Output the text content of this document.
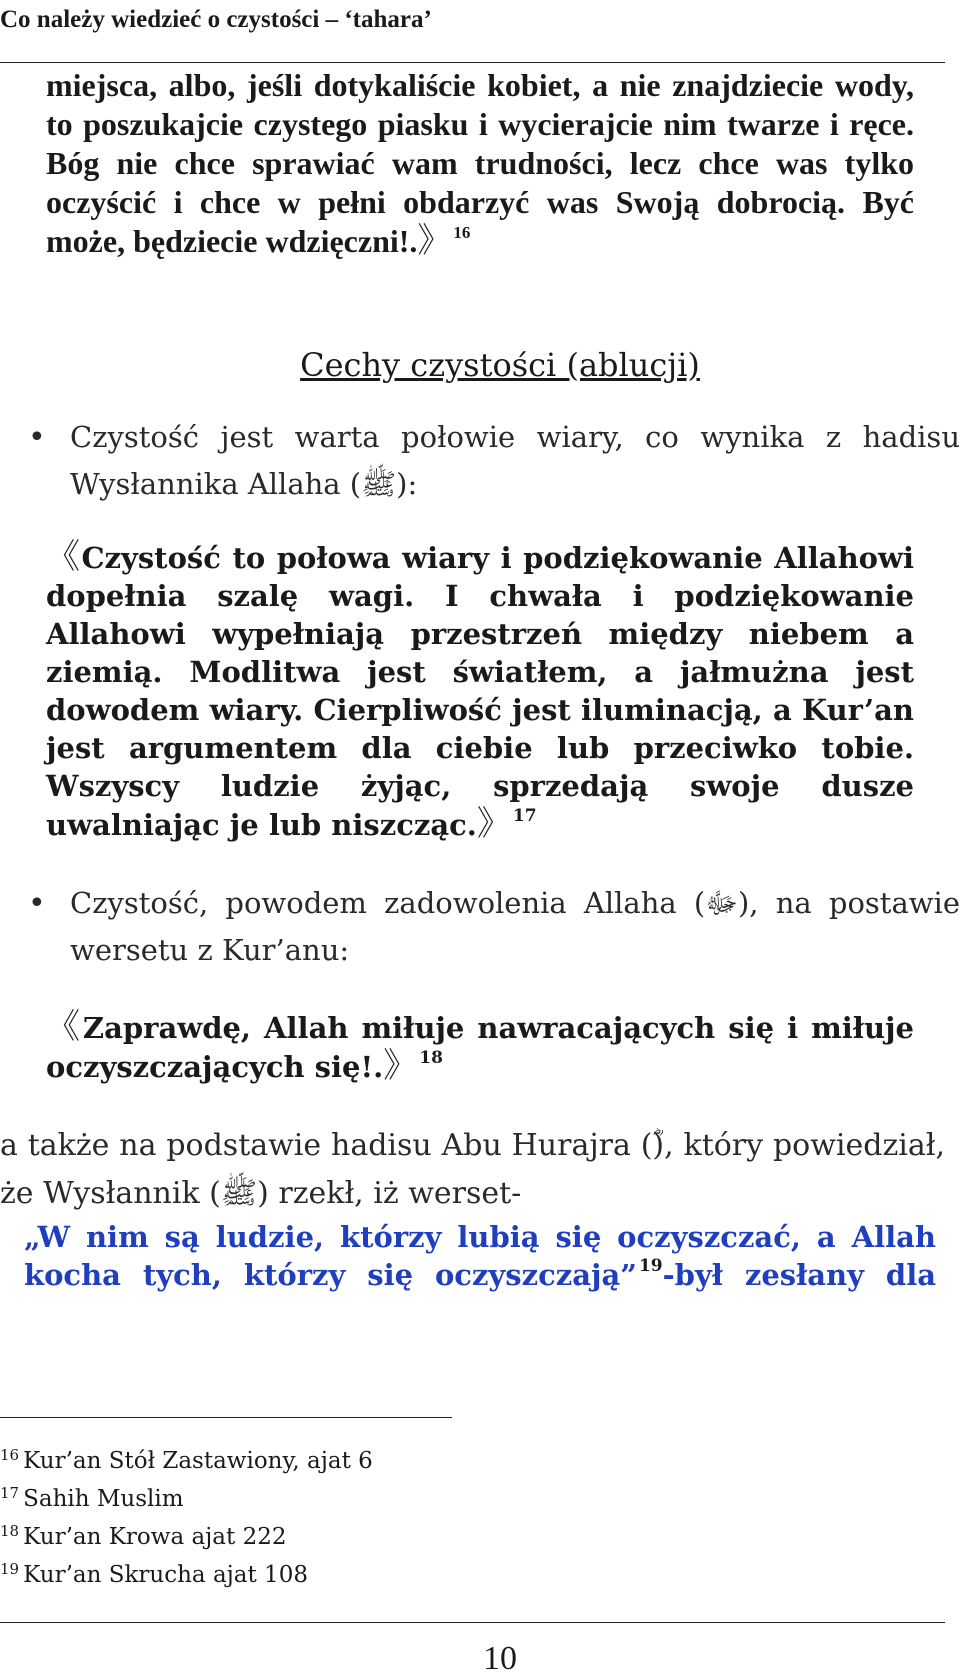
Co należy wiedzieć o czystości – ‘tahara’
miejsca, albo, jeśli dotykaliście kobiet, a nie znajdziecie wody, to poszukajcie czystego piasku i wycierajcie nim twarze i ręce. Bóg nie chce sprawiać wam trudności, lecz chce was tylko oczyścić i chce w pełni obdarzyć was Swoją dobrocią. Być może, będziecie wdzięczni!.》 $^{16}$
Cechy czystości (ablucji)
• Czystość jest warta połowie wiary, co wynika z hadisu Wysłannika Allaha (ﷺ):
《Czystość to połowa wiary i podziękowanie Allahowi dopełnia szalę wagi. I chwała i podziękowanie Allahowi wypełniają przestrzeń między niebem a ziemią. Modlitwa jest światłem, a jałmużna jest dowodem wiary. Cierpliwość jest iluminacją, a Kur’an jest argumentem dla ciebie lub przeciwko tobie. Wszyscy ludzie żyjąc, sprzedają swoje dusze uwalniając je lub niszcząc.》 $^{17}$
• Czystość, powodem zadowolenia Allaha (ﷻ), na postawie wersetu z Kur’anu:
《Zaprawdę, Allah miłuje nawracających się i miłuje oczyszczających się!.》 $^{18}$
a także na podstawie hadisu Abu Hurajra (), który powiedział, że Wysłannik (ﷺ) rzekł, iż werset-
„W nim są ludzie, którzy lubią się oczyszczać, a Allah kocha tych, którzy się oczyszczają” $^{19}$-był zesłany dla
$^{16}$ Kur’an Stół Zastawiony, ajat 6
$^{17}$ Sahih Muslim
$^{18}$ Kur’an Krowa ajat 222
$^{19}$ Kur’an Skrucha ajat 108
10
